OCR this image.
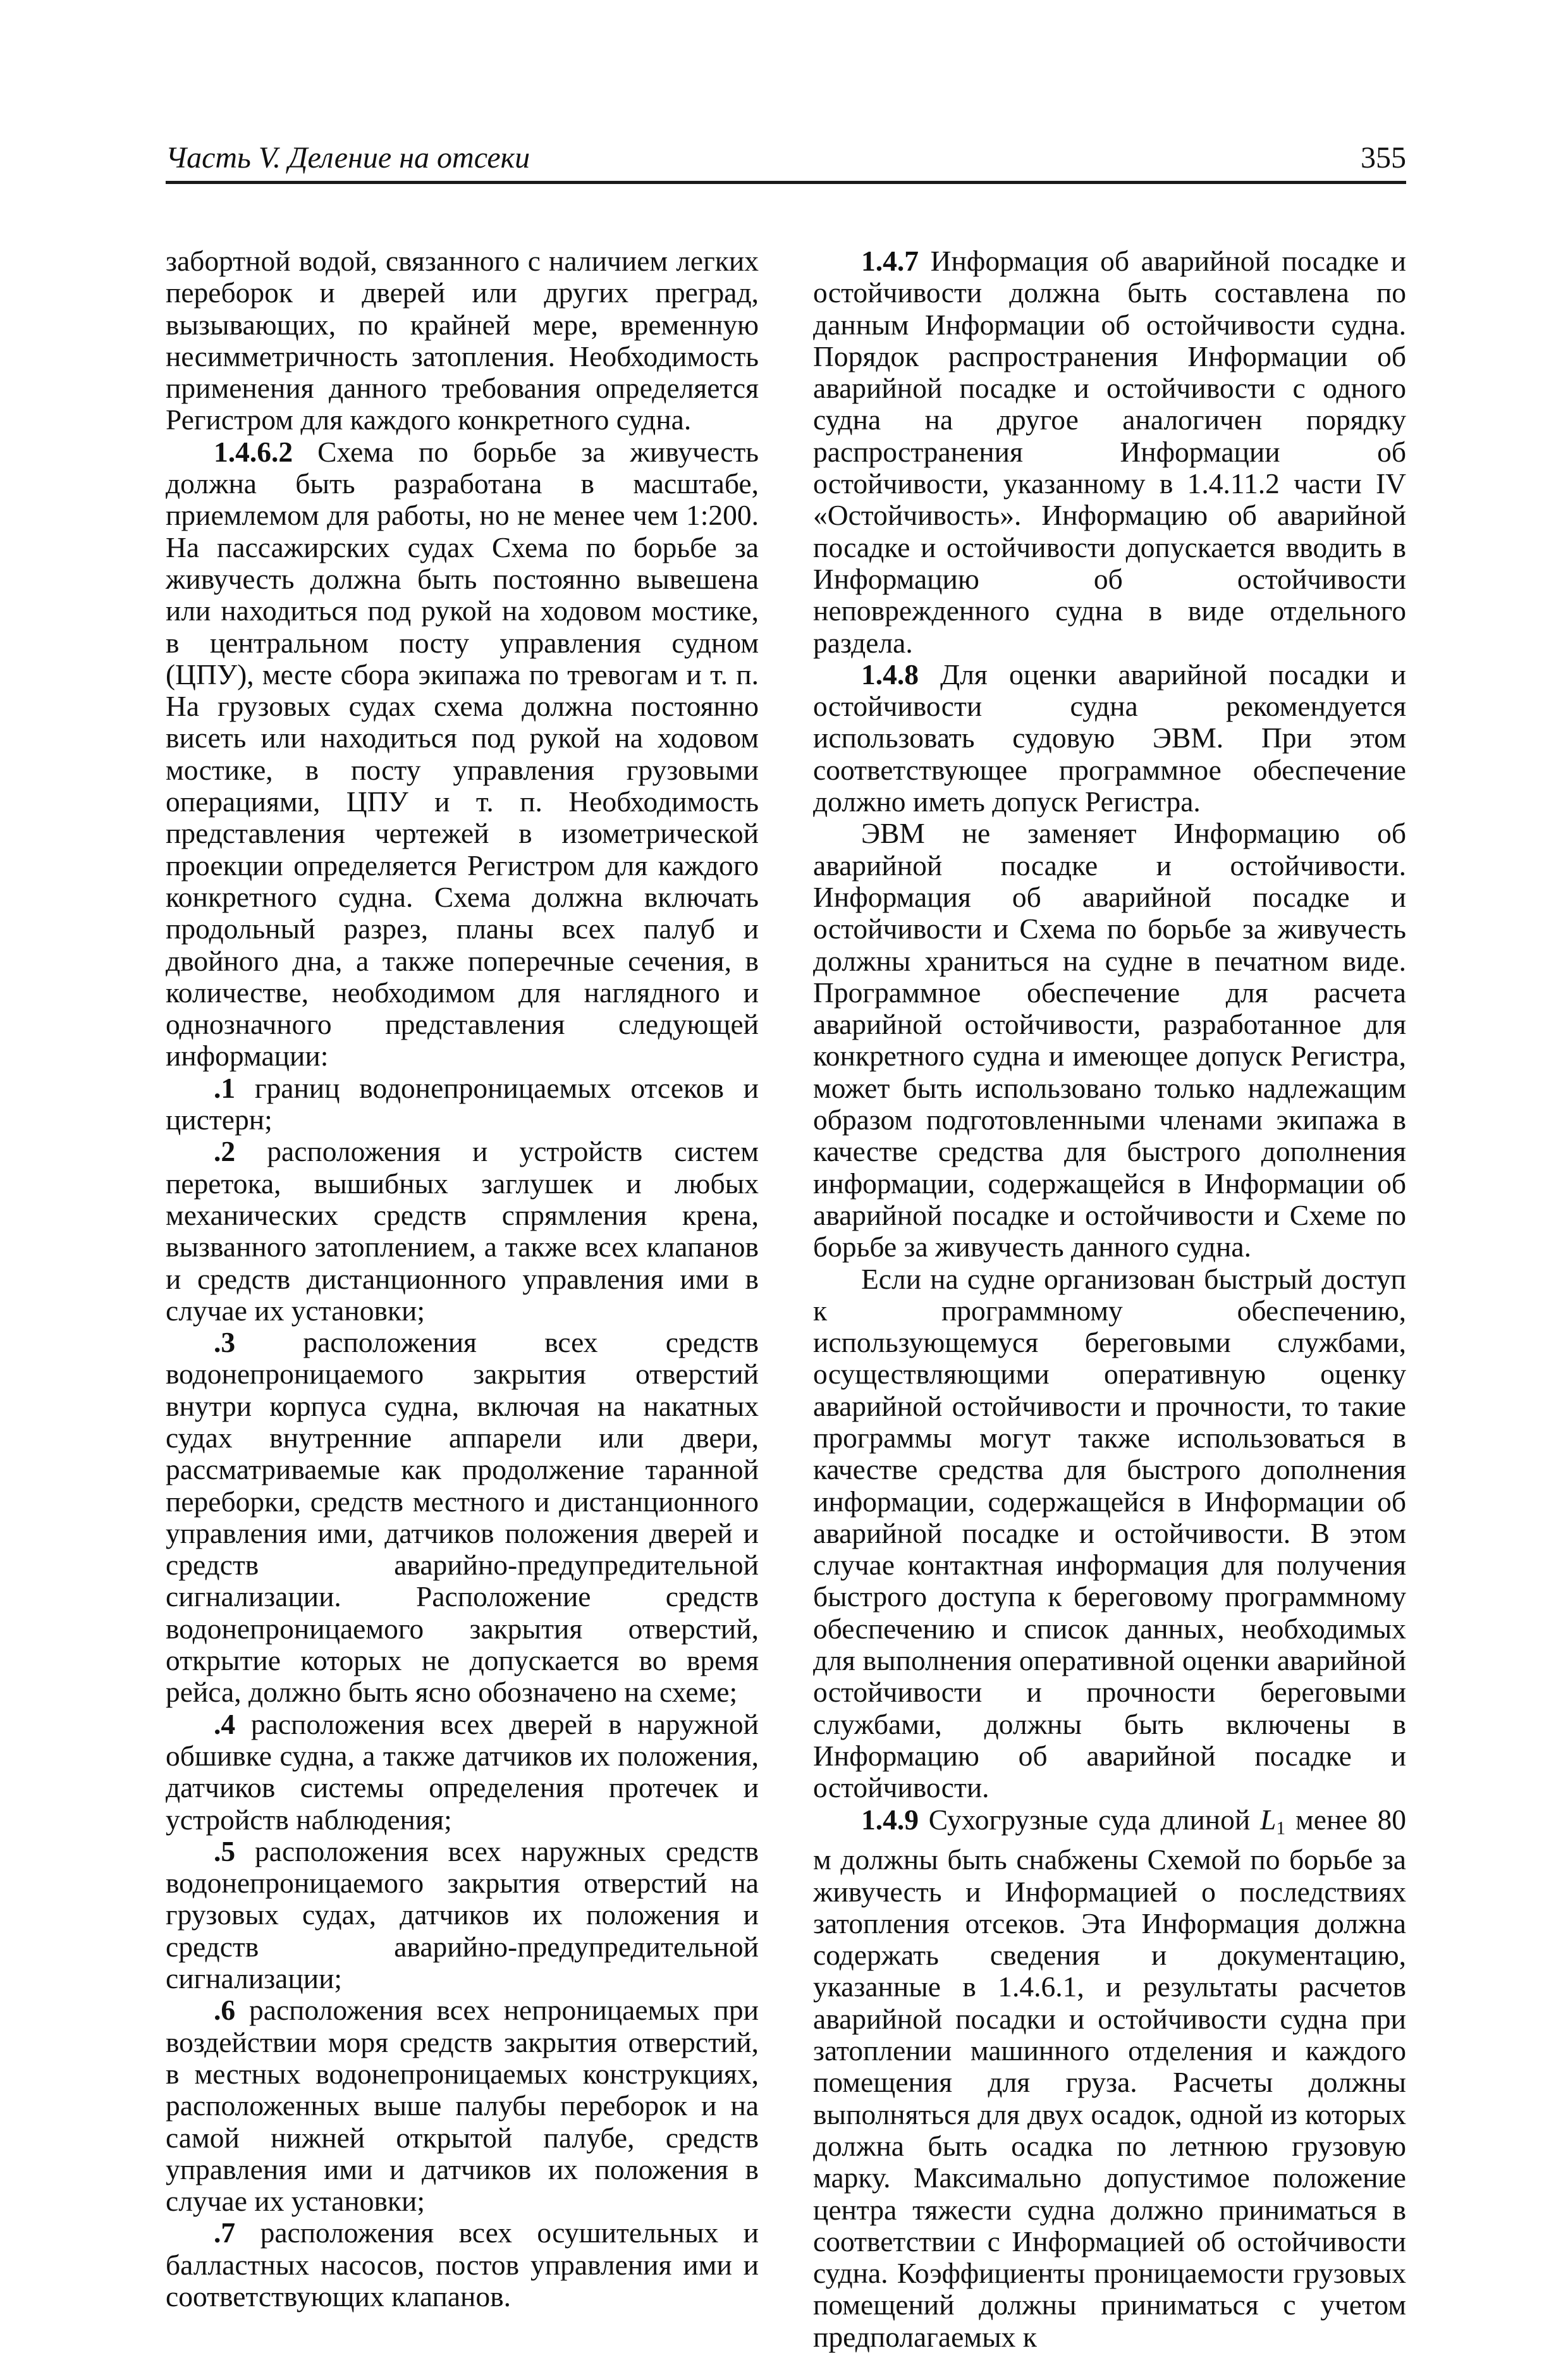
Часть V. Деление на отсеки	355

забортной водой, связанного с наличием легких переборок и дверей или других преград, вызывающих, по крайней мере, временную несимметричность затопления. Необходимость применения данного требования определяется Регистром для каждого конкретного судна.

1.4.6.2 Схема по борьбе за живучесть должна быть разработана в масштабе, приемлемом для работы, но не менее чем 1:200. На пассажирских судах Схема по борьбе за живучесть должна быть постоянно вывешена или находиться под рукой на ходовом мостике, в центральном посту управления судном (ЦПУ), месте сбора экипажа по тревогам и т. п. На грузовых судах схема должна постоянно висеть или находиться под рукой на ходовом мостике, в посту управления грузовыми операциями, ЦПУ и т. п. Необходимость представления чертежей в изометрической проекции определяется Регистром для каждого конкретного судна. Схема должна включать продольный разрез, планы всех палуб и двойного дна, а также поперечные сечения, в количестве, необходимом для наглядного и однозначного представления следующей информации:

.1 границ водонепроницаемых отсеков и цистерн;

.2 расположения и устройств систем перетока, вышибных заглушек и любых механических средств спрямления крена, вызванного затоплением, а также всех клапанов и средств дистанционного управления ими в случае их установки;

.3 расположения всех средств водонепроницаемого закрытия отверстий внутри корпуса судна, включая на накатных судах внутренние аппарели или двери, рассматриваемые как продолжение таранной переборки, средств местного и дистанционного управления ими, датчиков положения дверей и средств аварийно-предупредительной сигнализации. Расположение средств водонепроницаемого закрытия отверстий, открытие которых не допускается во время рейса, должно быть ясно обозначено на схеме;

.4 расположения всех дверей в наружной обшивке судна, а также датчиков их положения, датчиков системы определения протечек и устройств наблюдения;

.5 расположения всех наружных средств водонепроницаемого закрытия отверстий на грузовых судах, датчиков их положения и средств аварийно-предупредительной сигнализации;

.6 расположения всех непроницаемых при воздействии моря средств закрытия отверстий, в местных водонепроницаемых конструкциях, расположенных выше палубы переборок и на самой нижней открытой палубе, средств управления ими и датчиков их положения в случае их установки;

.7 расположения всех осушительных и балластных насосов, постов управления ими и соответствующих клапанов.

1.4.7 Информация об аварийной посадке и остойчивости должна быть составлена по данным Информации об остойчивости судна. Порядок распространения Информации об аварийной посадке и остойчивости с одного судна на другое аналогичен порядку распространения Информации об остойчивости, указанному в 1.4.11.2 части IV «Остойчивость». Информацию об аварийной посадке и остойчивости допускается вводить в Информацию об остойчивости неповрежденного судна в виде отдельного раздела.

1.4.8 Для оценки аварийной посадки и остойчивости судна рекомендуется использовать судовую ЭВМ. При этом соответствующее программное обеспечение должно иметь допуск Регистра.

ЭВМ не заменяет Информацию об аварийной посадке и остойчивости. Информация об аварийной посадке и остойчивости и Схема по борьбе за живучесть должны храниться на судне в печатном виде. Программное обеспечение для расчета аварийной остойчивости, разработанное для конкретного судна и имеющее допуск Регистра, может быть использовано только надлежащим образом подготовленными членами экипажа в качестве средства для быстрого дополнения информации, содержащейся в Информации об аварийной посадке и остойчивости и Схеме по борьбе за живучесть данного судна.

Если на судне организован быстрый доступ к программному обеспечению, использующемуся береговыми службами, осуществляющими оперативную оценку аварийной остойчивости и прочности, то такие программы могут также использоваться в качестве средства для быстрого дополнения информации, содержащейся в Информации об аварийной посадке и остойчивости. В этом случае контактная информация для получения быстрого доступа к береговому программному обеспечению и список данных, необходимых для выполнения оперативной оценки аварийной остойчивости и прочности береговыми службами, должны быть включены в Информацию об аварийной посадке и остойчивости.

1.4.9 Сухогрузные суда длиной $L_1$ менее 80 м должны быть снабжены Схемой по борьбе за живучесть и Информацией о последствиях затопления отсеков. Эта Информация должна содержать сведения и документацию, указанные в 1.4.6.1, и результаты расчетов аварийной посадки и остойчивости судна при затоплении машинного отделения и каждого помещения для груза. Расчеты должны выполняться для двух осадок, одной из которых должна быть осадка по летнюю грузовую марку. Максимально допустимое положение центра тяжести судна должно приниматься в соответствии с Информацией об остойчивости судна. Коэффициенты проницаемости грузовых помещений должны приниматься с учетом предполагаемых к
